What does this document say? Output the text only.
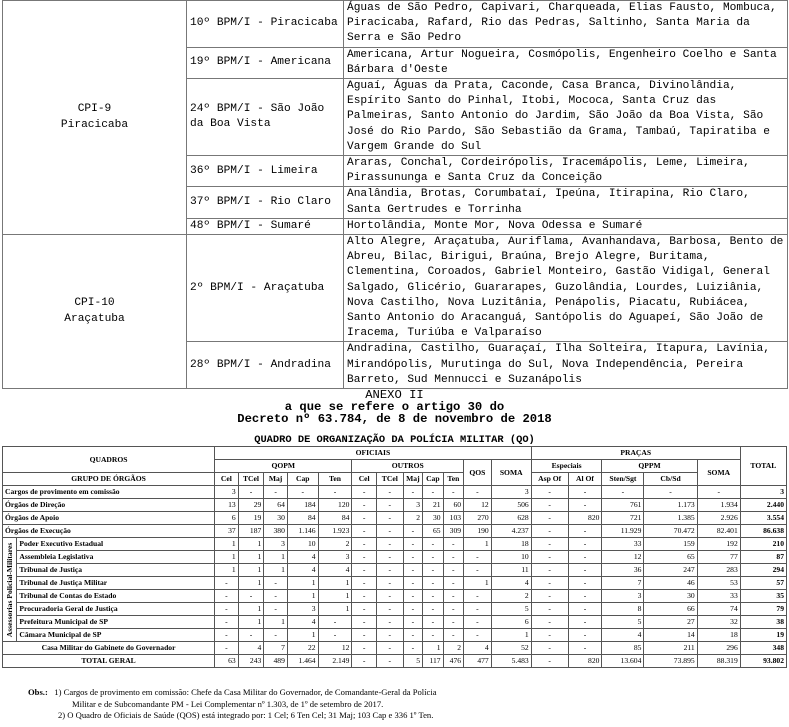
CPI-9
Piracicaba	10º BPM/I - Piracicaba	Águas de São Pedro, Capivari, Charqueada, Elias Fausto, Mombuca, Piracicaba, Rafard, Rio das Pedras, Saltinho, Santa Maria da Serra e São Pedro
	19º BPM/I - Americana	Americana, Artur Nogueira, Cosmópolis, Engenheiro Coelho e Santa Bárbara d'Oeste
	24º BPM/I - São João da Boa Vista	Aguaí, Águas da Prata, Caconde, Casa Branca, Divinolândia, Espírito Santo do Pinhal, Itobi, Mococa, Santa Cruz das Palmeiras, Santo Antonio do Jardim, São João da Boa Vista, São José do Rio Pardo, São Sebastião da Grama, Tambaú, Tapiratiba e Vargem Grande do Sul
	36º BPM/I - Limeira	Araras, Conchal, Cordeirópolis, Iracemápolis, Leme, Limeira, Pirassununga e Santa Cruz da Conceição
	37º BPM/I - Rio Claro	Analândia, Brotas, Corumbataí, Ipeúna, Itirapina, Rio Claro, Santa Gertrudes e Torrinha
	48º BPM/I - Sumaré	Hortolândia, Monte Mor, Nova Odessa e Sumaré

CPI-10
Araçatuba	2º BPM/I - Araçatuba	Alto Alegre, Araçatuba, Auriflama, Avanhandava, Barbosa, Bento de Abreu, Bilac, Birigui, Braúna, Brejo Alegre, Buritama, Clementina, Coroados, Gabriel Monteiro, Gastão Vidigal, General Salgado, Glicério, Guararapes, Guzolândia, Lourdes, Luiziânia, Nova Castilho, Nova Luzitânia, Penápolis, Piacatu, Rubiácea, Santo Antonio do Aracanguá, Santópolis do Aguapeí, São João de Iracema, Turiúba e Valparaíso
	28º BPM/I - Andradina	Andradina, Castilho, Guaraçaí, Ilha Solteira, Itapura, Lavínia, Mirandópolis, Murutinga do Sul, Nova Independência, Pereira Barreto, Sud Mennucci e Suzanápolis
ANEXO II
a que se refere o artigo 30 do
Decreto nº 63.784, de 8 de novembro de 2018
QUADRO DE ORGANIZAÇÃO DA POLÍCIA MILITAR (QO)
QUADROS		OFICIAIS												PRAÇAS					TOTAL
		QOPM					OUTROS					QOS	SOMA	Especiais		QPPM		SOMA	
GRUPO DE ÓRGÃOS		Cel	TCel	Maj	Cap	Ten	Cel	TCel	Maj	Cap	Ten			Asp Of	Al Of	Sten/Sgt	Cb/Sd		
Cargos de provimento em comissão		3	-	-	-	-	-	-	-	-	-	-	3	-	-	-	-	-	3
Órgãos de Direção		13	29	64	184	120	-	-	3	21	60	12	506	-	-	761	1.173	1.934	2.440
Órgãos de Apoio		6	19	30	84	84	-	-	2	30	103	270	628	-	820	721	1.385	2.926	3.554
Órgãos de Execução		37	187	380	1.146	1.923	-	-	-	65	309	190	4.237	-	-	11.929	70.472	82.401	86.638

Assessorias Policial-Militares	Poder Executivo Estadual	1	1	3	10	2	-	-	-	-	-	1	18	-	-	33	159	192	210
	Assembleia Legislativa	1	1	1	4	3	-	-	-	-	-	-	10	-	-	12	65	77	87
	Tribunal de Justiça	1	1	1	4	4	-	-	-	-	-	-	11	-	-	36	247	283	294
	Tribunal de Justiça Militar	-	1	-	1	1	-	-	-	-	-	1	4	-	-	7	46	53	57
	Tribunal de Contas do Estado	-	-	-	1	1	-	-	-	-	-	-	2	-	-	3	30	33	35
	Procuradoria Geral de Justiça	-	1	-	3	1	-	-	-	-	-	-	5	-	-	8	66	74	79
	Prefeitura Municipal de SP	-	1	1	4	-	-	-	-	-	-	-	6	-	-	5	27	32	38
	Câmara Municipal de SP	-	-	-	1	-	-	-	-	-	-	-	1	-	-	4	14	18	19
Casa Militar do Gabinete do Governador		-	4	7	22	12	-	-	-	1	2	4	52	-	-	85	211	296	348
TOTAL GERAL		63	243	489	1.464	2.149	-	-	5	117	476	477	5.483	-	820	13.604	73.895	88.319	93.802
Obs.: 1) Cargos de provimento em comissão: Chefe da Casa Militar do Governador, de Comandante-Geral da Polícia
Militar e de Subcomandante PM - Lei Complementar nº 1.303, de 1º de setembro de 2017.
2) O Quadro de Oficiais de Saúde (QOS) está integrado por: 1 Cel; 6 Ten Cel; 31 Maj; 103 Cap e 336 1º Ten.
